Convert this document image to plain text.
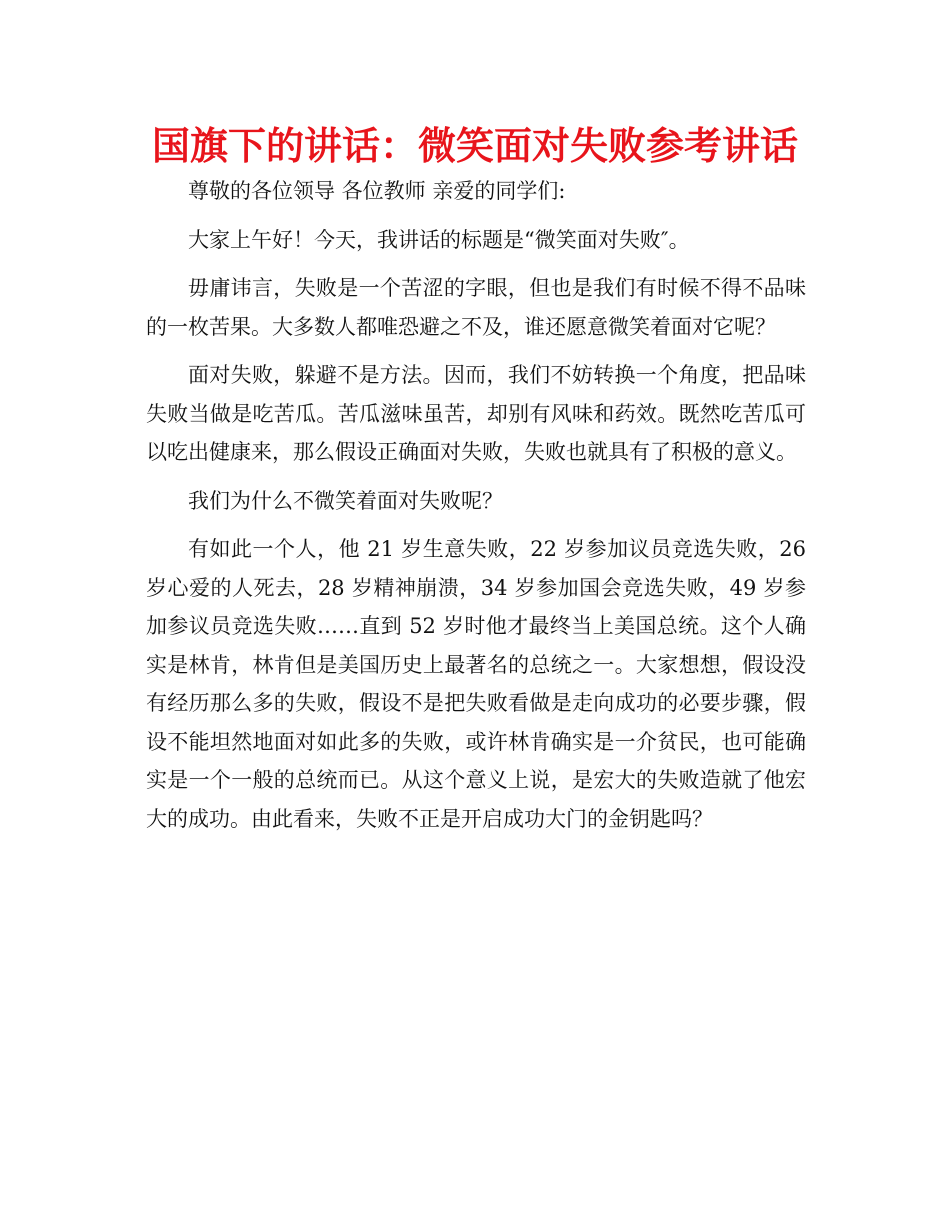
国旗下的讲话：微笑面对失败参考讲话

尊敬的各位领导 各位教师 亲爱的同学们:

大家上午好！今天，我讲话的标题是“微笑面对失败″。

毋庸讳言，失败是一个苦涩的字眼，但也是我们有时候不得不品味的一枚苦果。大多数人都唯恐避之不及，谁还愿意微笑着面对它呢？

面对失败，躲避不是方法。因而，我们不妨转换一个角度，把品味失败当做是吃苦瓜。苦瓜滋味虽苦，却别有风味和药效。既然吃苦瓜可以吃出健康来，那么假设正确面对失败，失败也就具有了积极的意义。

我们为什么不微笑着面对失败呢？

有如此一个人，他 21 岁生意失败，22 岁参加议员竞选失败，26 岁心爱的人死去，28 岁精神崩溃，34 岁参加国会竞选失败，49 岁参加参议员竞选失败……直到 52 岁时他才最终当上美国总统。这个人确实是林肯，林肯但是美国历史上最著名的总统之一。大家想想，假设没有经历那么多的失败，假设不是把失败看做是走向成功的必要步骤，假设不能坦然地面对如此多的失败，或许林肯确实是一介贫民，也可能确实是一个一般的总统而已。从这个意义上说，是宏大的失败造就了他宏大的成功。由此看来，失败不正是开启成功大门的金钥匙吗？
